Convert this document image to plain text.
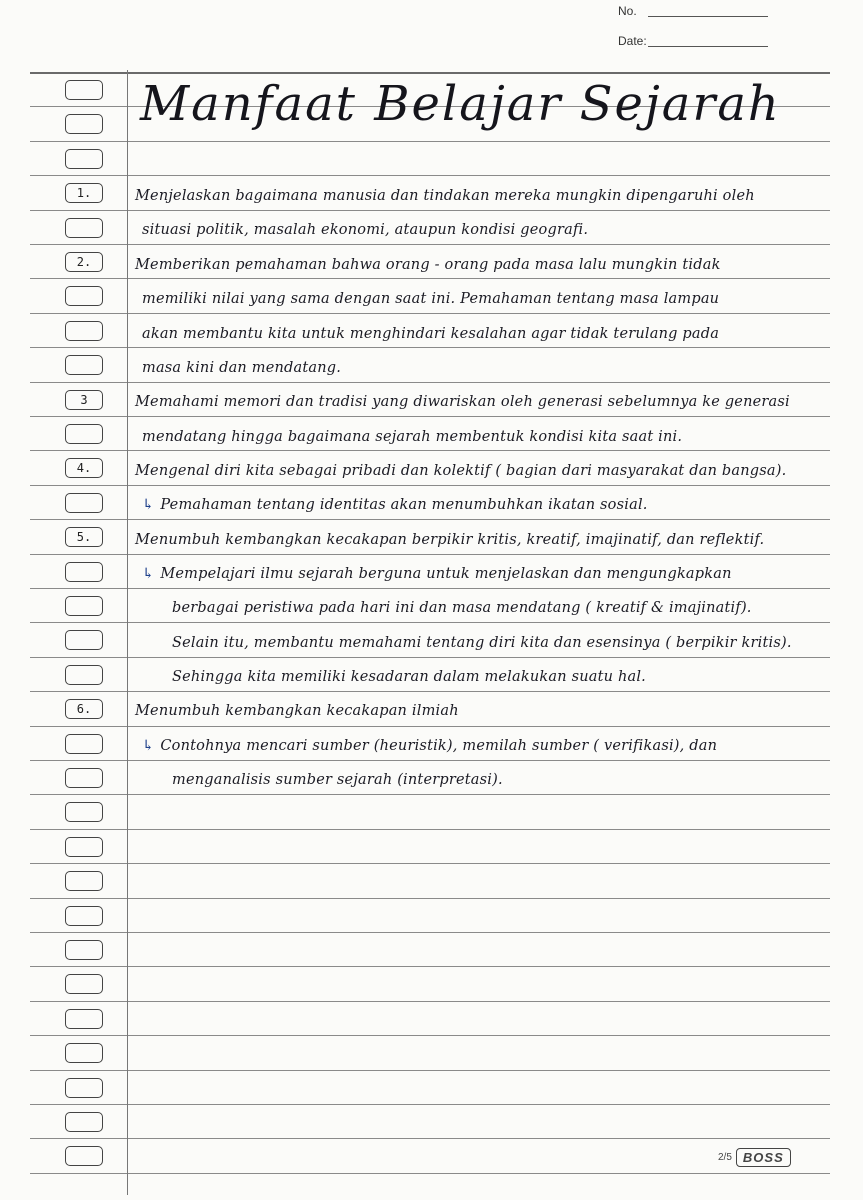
No.
Date:
1.
2.
3
4.
5.
6.
Manfaat Belajar Sejarah
Menjelaskan bagaimana manusia dan tindakan mereka mungkin dipengaruhi oleh
situasi politik, masalah ekonomi, ataupun kondisi geografi.
Memberikan pemahaman bahwa orang - orang pada masa lalu mungkin tidak
memiliki nilai yang sama dengan saat ini. Pemahaman tentang masa lampau
akan membantu kita untuk menghindari kesalahan agar tidak terulang pada
masa kini dan mendatang.
Memahami memori dan tradisi yang diwariskan oleh generasi sebelumnya ke generasi
mendatang hingga bagaimana sejarah membentuk kondisi kita saat ini.
Mengenal diri kita sebagai pribadi dan kolektif ( bagian dari masyarakat dan bangsa).
↳ Pemahaman tentang identitas akan menumbuhkan ikatan sosial.
Menumbuh kembangkan kecakapan berpikir kritis, kreatif, imajinatif, dan reflektif.
↳ Mempelajari ilmu sejarah berguna untuk menjelaskan dan mengungkapkan
berbagai peristiwa pada hari ini dan masa mendatang ( kreatif & imajinatif).
Selain itu, membantu memahami tentang diri kita dan esensinya ( berpikir kritis).
Sehingga kita memiliki kesadaran dalam melakukan suatu hal.
Menumbuh kembangkan kecakapan ilmiah
↳ Contohnya mencari sumber (heuristik), memilah sumber ( verifikasi), dan
menganalisis sumber sejarah (interpretasi).
2/5 BOSS
